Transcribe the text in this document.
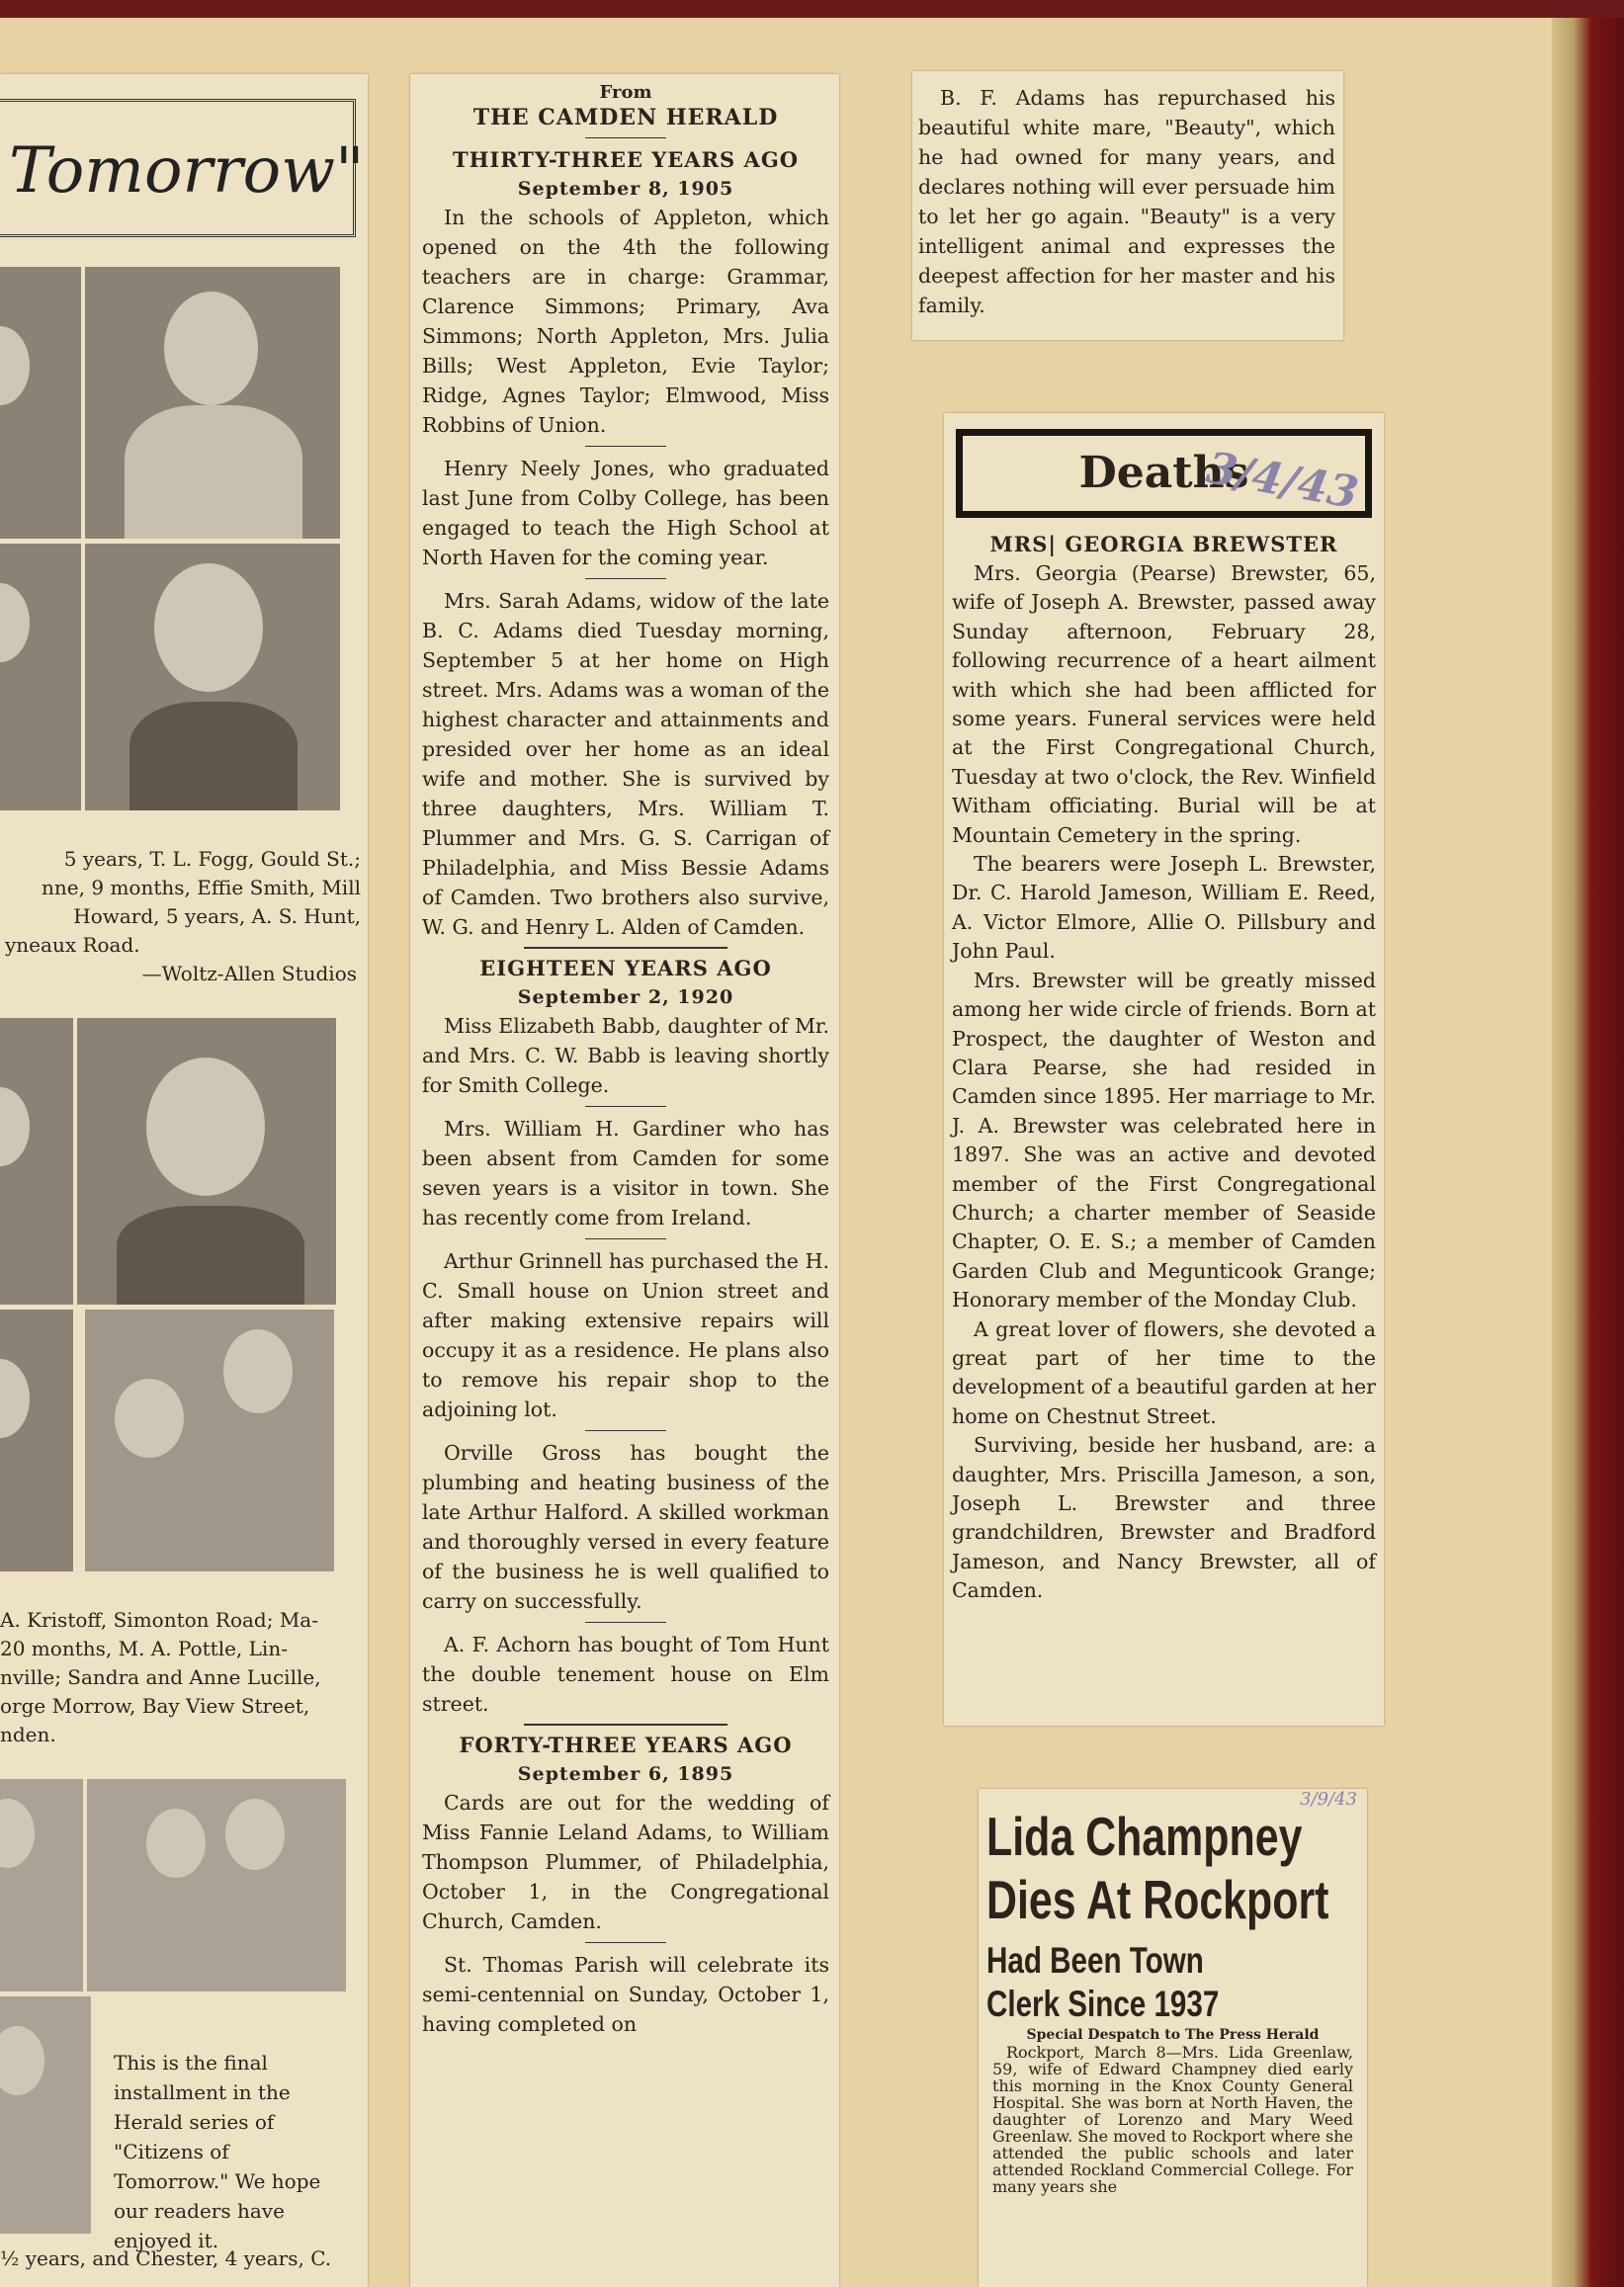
Tomorrow"

5 years, T. L. Fogg, Gould St.;

nne, 9 months, Effie Smith, Mill

Howard, 5 years, A. S. Hunt,

yneaux Road.

—Woltz-Allen Studios

A. Kristoff, Simonton Road; Ma-

20 months, M. A. Pottle, Lin-

nville; Sandra and Anne Lucille,

orge Morrow, Bay View Street,

nden.

This is the final installment in the Herald series of "Citizens of Tomorrow." We hope our readers have enjoyed it.
½ years, and Chester, 4 years, C.

From

THE CAMDEN HERALD

THIRTY-THREE YEARS AGO

September 8, 1905

In the schools of Appleton, which opened on the 4th the following teachers are in charge: Grammar, Clarence Simmons; Primary, Ava Simmons; North Appleton, Mrs. Julia Bills; West Appleton, Evie Taylor; Ridge, Agnes Taylor; Elmwood, Miss Robbins of Union.

Henry Neely Jones, who graduated last June from Colby College, has been engaged to teach the High School at North Haven for the coming year.

Mrs. Sarah Adams, widow of the late B. C. Adams died Tuesday morning, September 5 at her home on High street. Mrs. Adams was a woman of the highest character and attainments and presided over her home as an ideal wife and mother. She is survived by three daughters, Mrs. William T. Plummer and Mrs. G. S. Carrigan of Philadelphia, and Miss Bessie Adams of Camden. Two brothers also survive, W. G. and Henry L. Alden of Camden.

EIGHTEEN YEARS AGO

September 2, 1920

Miss Elizabeth Babb, daughter of Mr. and Mrs. C. W. Babb is leaving shortly for Smith College.

Mrs. William H. Gardiner who has been absent from Camden for some seven years is a visitor in town. She has recently come from Ireland.

Arthur Grinnell has purchased the H. C. Small house on Union street and after making extensive repairs will occupy it as a residence. He plans also to remove his repair shop to the adjoining lot.

Orville Gross has bought the plumbing and heating business of the late Arthur Halford. A skilled workman and thoroughly versed in every feature of the business he is well qualified to carry on successfully.

A. F. Achorn has bought of Tom Hunt the double tenement house on Elm street.

FORTY-THREE YEARS AGO

September 6, 1895

Cards are out for the wedding of Miss Fannie Leland Adams, to William Thompson Plummer, of Philadelphia, October 1, in the Congregational Church, Camden.

St. Thomas Parish will celebrate its semi-centennial on Sunday, October 1, having completed on

B. F. Adams has repurchased his beautiful white mare, "Beauty", which he had owned for many years, and declares nothing will ever persuade him to let her go again. "Beauty" is a very intelligent animal and expresses the deepest affection for her master and his family.

Deaths
3/4/43

MRS| GEORGIA BREWSTER

Mrs. Georgia (Pearse) Brewster, 65, wife of Joseph A. Brewster, passed away Sunday afternoon, February 28, following recurrence of a heart ailment with which she had been afflicted for some years. Funeral services were held at the First Congregational Church, Tuesday at two o'clock, the Rev. Winfield Witham officiating. Burial will be at Mountain Cemetery in the spring.

The bearers were Joseph L. Brewster, Dr. C. Harold Jameson, William E. Reed, A. Victor Elmore, Allie O. Pillsbury and John Paul.

Mrs. Brewster will be greatly missed among her wide circle of friends. Born at Prospect, the daughter of Weston and Clara Pearse, she had resided in Camden since 1895. Her marriage to Mr. J. A. Brewster was celebrated here in 1897. She was an active and devoted member of the First Congregational Church; a charter member of Seaside Chapter, O. E. S.; a member of Camden Garden Club and Megunticook Grange; Honorary member of the Monday Club.

A great lover of flowers, she devoted a great part of her time to the development of a beautiful garden at her home on Chestnut Street.

Surviving, beside her husband, are: a daughter, Mrs. Priscilla Jameson, a son, Joseph L. Brewster and three grandchildren, Brewster and Bradford Jameson, and Nancy Brewster, all of Camden.

3/9/43

Lida Champney

Dies At Rockport

Had Been Town

Clerk Since 1937

Special Despatch to The Press Herald

Rockport, March 8—Mrs. Lida Greenlaw, 59, wife of Edward Champney died early this morning in the Knox County General Hospital. She was born at North Haven, the daughter of Lorenzo and Mary Weed Greenlaw. She moved to Rockport where she attended the public schools and later attended Rockland Commercial College. For many years she
